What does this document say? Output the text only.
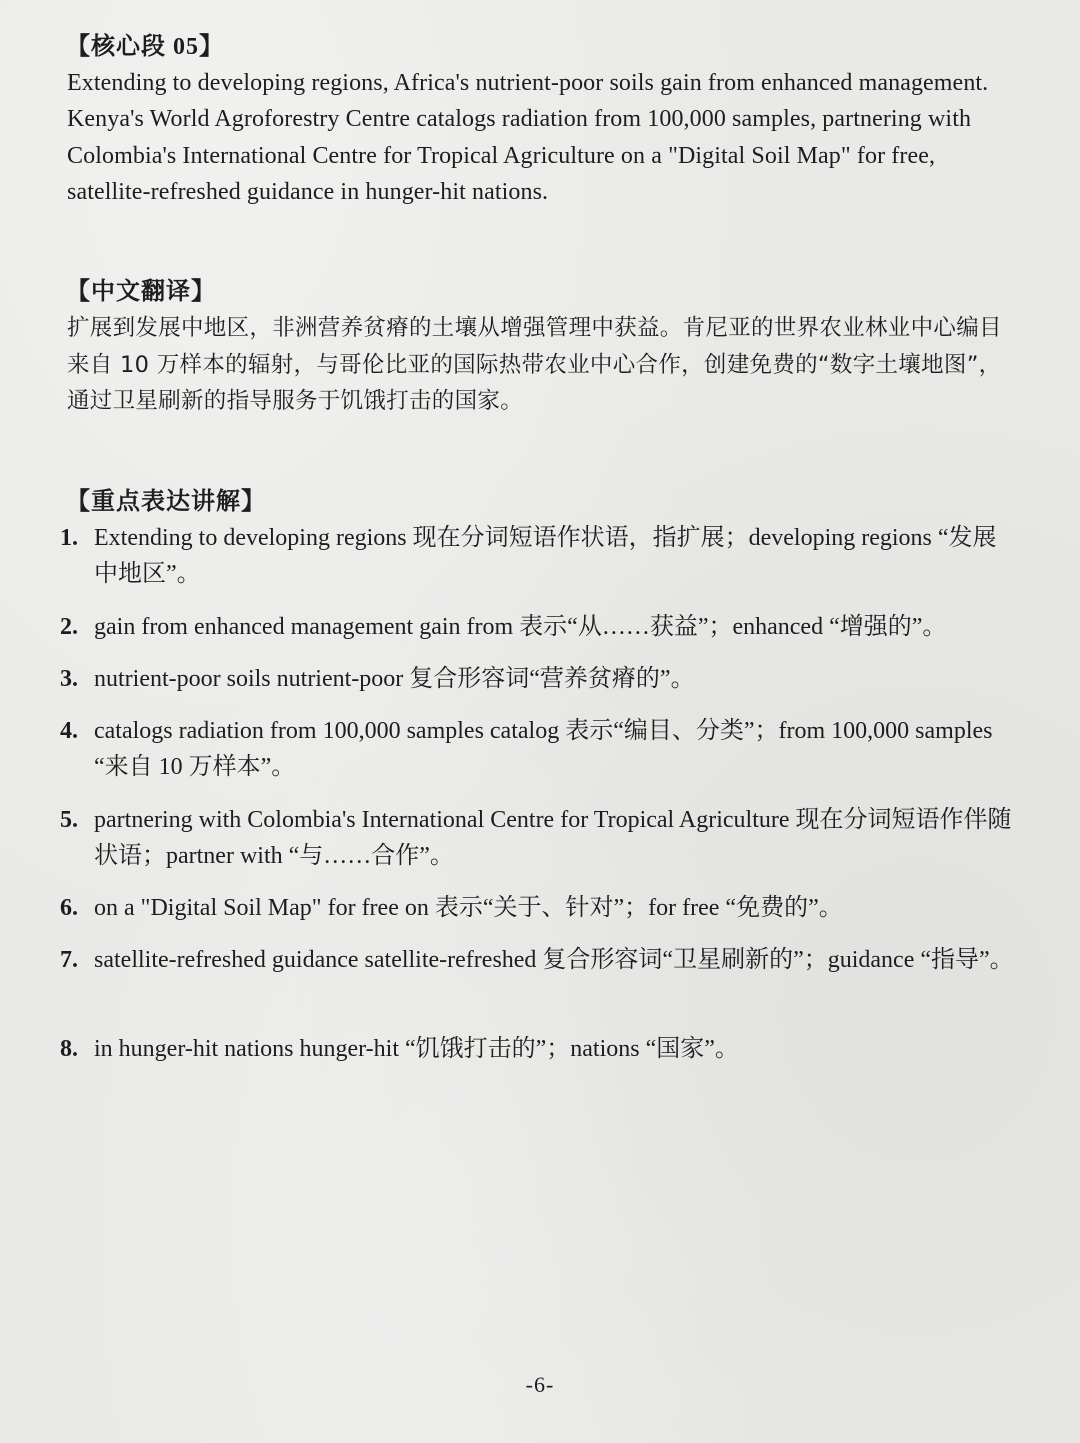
【核心段 05】

Extending to developing regions, Africa's nutrient-poor soils gain from enhanced management. Kenya's World Agroforestry Centre catalogs radiation from 100,000 samples, partnering with Colombia's International Centre for Tropical Agriculture on a "Digital Soil Map" for free, satellite-refreshed guidance in hunger-hit nations.

【中文翻译】

扩展到发展中地区，非洲营养贫瘠的土壤从增强管理中获益。肯尼亚的世界农业林业中心编目来自 10 万样本的辐射，与哥伦比亚的国际热带农业中心合作，创建免费的“数字土壤地图”，通过卫星刷新的指导服务于饥饿打击的国家。

【重点表达讲解】
1. Extending to developing regions 现在分词短语作状语，指扩展；developing regions “发展中地区”。
2. gain from enhanced management gain from 表示“从……获益”；enhanced “增强的”。
3. nutrient-poor soils nutrient-poor 复合形容词“营养贫瘠的”。
4. catalogs radiation from 100,000 samples catalog 表示“编目、分类”；from 100,000 samples “来自 10 万样本”。
5. partnering with Colombia's International Centre for Tropical Agriculture 现在分词短语作伴随状语；partner with “与……合作”。
6. on a "Digital Soil Map" for free on 表示“关于、针对”；for free “免费的”。
7. satellite-refreshed guidance satellite-refreshed 复合形容词“卫星刷新的”；guidance “指导”。
8. in hunger-hit nations hunger-hit “饥饿打击的”；nations “国家”。
-6-
